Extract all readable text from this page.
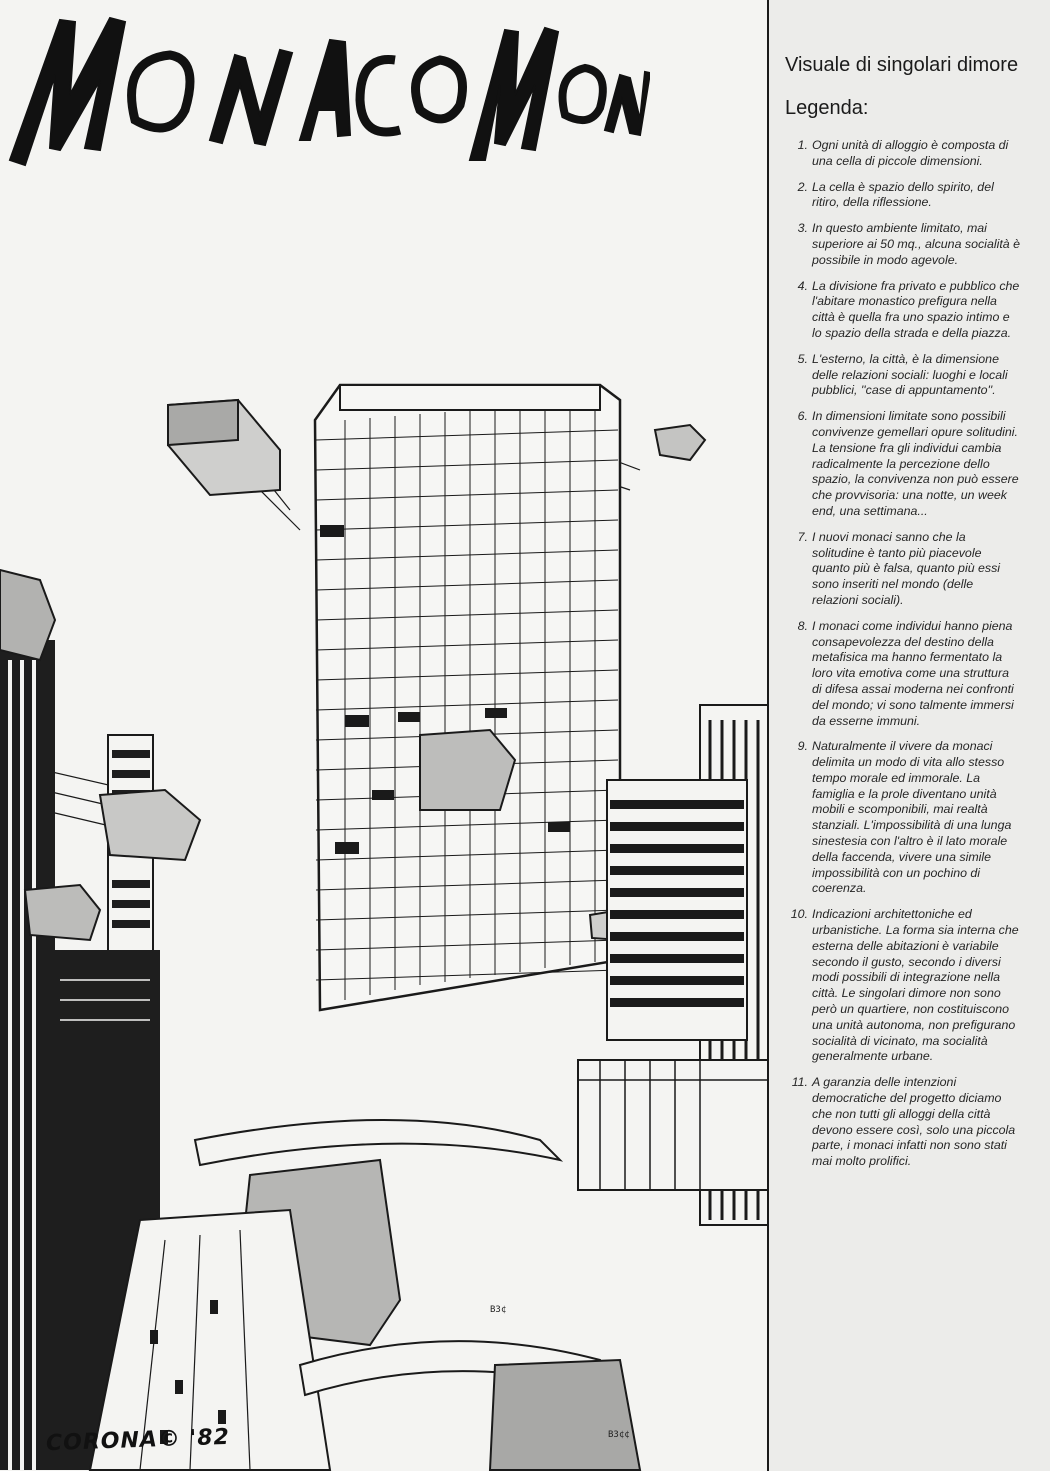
MONACO MONDANO
CORONA© '82
Visuale di singolari dimore
Legenda:
1. Ogni unità di alloggio è composta di una cella di piccole dimensioni.
2. La cella è spazio dello spirito, del ritiro, della riflessione.
3. In questo ambiente limitato, mai superiore ai 50 mq., alcuna socialità è possibile in modo agevole.
4. La divisione fra privato e pubblico che l'abitare monastico prefigura nella città è quella fra uno spazio intimo e lo spazio della strada e della piazza.
5. L'esterno, la città, è la dimensione delle relazioni sociali: luoghi e locali pubblici, ''case di appuntamento''.
6. In dimensioni limitate sono possibili convivenze gemellari opure solitudini. La tensione fra gli individui cambia radicalmente la percezione dello spazio, la convivenza non può essere che provvisoria: una notte, un week end, una settimana...
7. I nuovi monaci sanno che la solitudine è tanto più piacevole quanto più è falsa, quanto più essi sono inseriti nel mondo (delle relazioni sociali).
8. I monaci come individui hanno piena consapevolezza del destino della metafisica ma hanno fermentato la loro vita emotiva come una struttura di difesa assai moderna nei confronti del mondo; vi sono talmente immersi da esserne immuni.
9. Naturalmente il vivere da monaci delimita un modo di vita allo stesso tempo morale ed immorale. La famiglia e la prole diventano unità mobili e scomponibili, mai realtà stanziali. L'impossibilità di una lunga sinestesia con l'altro è il lato morale della faccenda, vivere una simile impossibilità con un pochino di coerenza.
10. Indicazioni architettoniche ed urbanistiche. La forma sia interna che esterna delle abitazioni è variabile secondo il gusto, secondo i diversi modi possibili di integrazione nella città. Le singolari dimore non sono però un quartiere, non costituiscono una unità autonoma, non prefigurano socialità di vicinato, ma socialità generalmente urbane.
11. A garanzia delle intenzioni democratiche del progetto diciamo che non tutti gli alloggi della città devono essere così, solo una piccola parte, i monaci infatti non sono stati mai molto prolifici.
B3¢
B3¢¢
